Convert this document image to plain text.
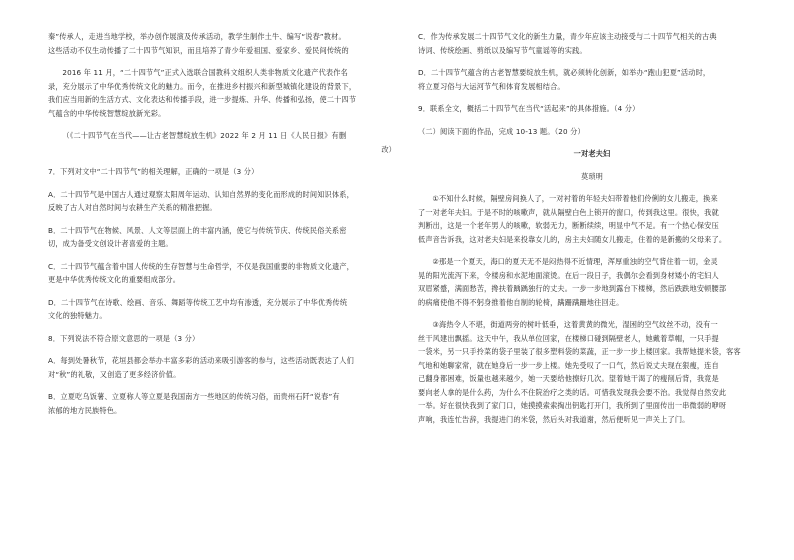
秦”传承人，走进当地学校，举办创作展演及传承活动，教学生制作土牛、编写“说春”教材。

这些活动不仅生动传播了二十四节气知识，而且培养了青少年爱祖国、爱家乡、爱民间传统的

2016 年 11 月，“二十四节气”正式入选联合国教科文组织人类非物质文化遗产代表作名

录，充分展示了中华优秀传统文化的魅力。而今，在推进乡村振兴和新型城镇化建设的背景下，

我们应当用新的生活方式、文化表达和传播手段，进一步提炼、升华、传播和弘扬，使二十四节

气蕴含的中华传统智慧绽放新光彩。

（《二十四节气在当代——让古老智慧绽放生机》2022 年 2 月 11 日《人民日报》有删

改）

7．下列对文中“二十四节气”的相关理解，正确的一项是（3 分）

A．二十四节气是中国古人通过观察太阳周年运动、认知自然界的变化而形成的时间知识体系，

反映了古人对自然时间与农耕生产关系的精准把握。

B．二十四节气在物候、风景、人文等层面上的丰富内涵，使它与传统节庆、传统民俗关系密

切，成为备受文创设计者喜爱的主题。

C．二十四节气蕴含着中国人传统的生存智慧与生命哲学，不仅是我国重要的非物质文化遗产，

更是中华优秀传统文化的重要组成部分。

D．二十四节气在诗歌、绘画、音乐、舞蹈等传统工艺中均有渗透，充分展示了中华优秀传统

文化的独特魅力。

8．下列说法不符合原文意思的一项是（3 分）

A．每到处暑秋节，花垣县都会举办丰富多彩的活动来吸引游客的参与，这些活动既表达了人们

对“秋”的礼敬，又创造了更多经济价值。

B．立夏吃乌饭薯、立夏称人等立夏是我国南方一些地区的传统习俗，而贵州石阡“说春”有

浓郁的地方民族特色。

C．作为传承发展二十四节气文化的新生力量，青少年应该主动接受与二十四节气相关的古典

诗词、传统绘画、剪纸以及编写节气童谣等的实践。

D．二十四节气蕴含的古老智慧要绽放生机，就必须转化创新，如举办“跑山犯夏”活动时，

将立夏习俗与大运河节气和体育发展相结合。

9．联系全文，概括二十四节气在当代“活起来”的具体措施。（4 分）

（二）阅读下面的作品，完成 10-13 题。（20 分）

一对老夫妇

莫琐明

①不知什么时候，隔壁房间换人了，一对衬着的年轻夫妇带着他们伶俐的女儿搬走，换来

了一对老年夫妇。于是不时的咳嗽声，就从隔壁白色上锁开的窗口，传到我这里。很快，我就

判断出，这是一个老年男人的咳嗽，软弱无力，断断续续，明显中气不足。有一个热心保安压

低声音告诉我，这对老夫妇是来投靠女儿的，房主夫妇随女儿搬走，住着的是新搬的父母来了。

②那是一个夏天，海口的夏天无不是闷热得不近情理，浑厚重浊的空气背住着一切，金灵

晃的阳光流泻下来，令楼房和水泥地面滚烫。在后一段日子，我偶尔会看到身材矮小的宅妇人

双眉紧蹙，满面愁苦，搀扶着踽踽独行的丈夫。一步一步地到露台下楼梯，然后跌跌地安顿腰部

的病痛使他不得不躬身推着他自制的轮椅，蹒跚蹒跚地往回走。

③海热令人不堪，街道两旁的树叶低垂，这着黄黄的微光，湿困的空气纹丝不动，没有一

丝干风建出飘摇。这天中午，我从单位回家，在楼梯口碰到隔壁老人，她戴着草帽，一只手提

一袋米，另一只手拎菜的袋子里装了很多塑料袋的菜蔬，正一步一步上楼回家。我帮她提米袋，客客

气地和她聊家常，就在她身后一步一步上楼。她先受叹了一口气，然后说丈夫现在狠瘦，连自

己翻身都困难，饭量也越来越少，她一天要给他擦好几次。望着她干渴了的瘦削后背，我竟是

要向老人拿的是什么药，为什么不住院治疗之类的话。可惜我发现我会要不治。我觉得自然安此

一举。好在很快我到了家门口，她摸摸索索掏出钥匙打开门，我所到了里面传出一串微弱的咿呀

声响，我连忙告辞，我提进门的米袋，然后头对我道谢，然后便听见一声关上了门。
